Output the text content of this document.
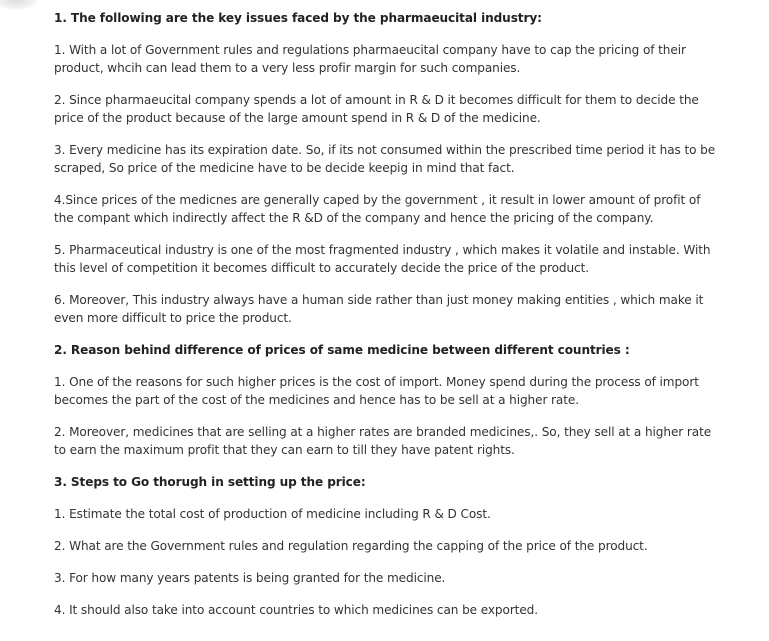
1. The following are the key issues faced by the pharmaeucital industry:
1. With a lot of Government rules and regulations pharmaeucital company have to cap the pricing of their product, whcih can lead them to a very less profir margin for such companies.
2. Since pharmaeucital company spends a lot of amount in R & D it becomes difficult for them to decide the price of the product because of the large amount spend in R & D of the medicine.
3. Every medicine has its expiration date. So, if its not consumed within the prescribed time period it has to be scraped, So price of the medicine have to be decide keepig in mind that fact.
4.Since prices of the medicnes are generally caped by the government , it result in lower amount of profit of the compant which indirectly affect the R &D of the company and hence the pricing of the company.
5. Pharmaceutical industry is one of the most fragmented industry , which makes it volatile and instable. With this level of competition it becomes difficult to accurately decide the price of the product.
6. Moreover, This industry always have a human side rather than just money making entities , which make it even more difficult to price the product.
2. Reason behind difference of prices of same medicine between different countries :
1. One of the reasons for such higher prices is the cost of import. Money spend during the process of import becomes the part of the cost of the medicines and hence has to be sell at a higher rate.
2. Moreover, medicines that are selling at a higher rates are branded medicines,. So, they sell at a higher rate to earn the maximum profit that they can earn to till they have patent rights.
3. Steps to Go thorugh in setting up the price:
1. Estimate the total cost of production of medicine including R & D Cost.
2. What are the Government rules and regulation regarding the capping of the price of the product.
3. For how many years patents is being granted for the medicine.
4. It should also take into account countries to which medicines can be exported.
